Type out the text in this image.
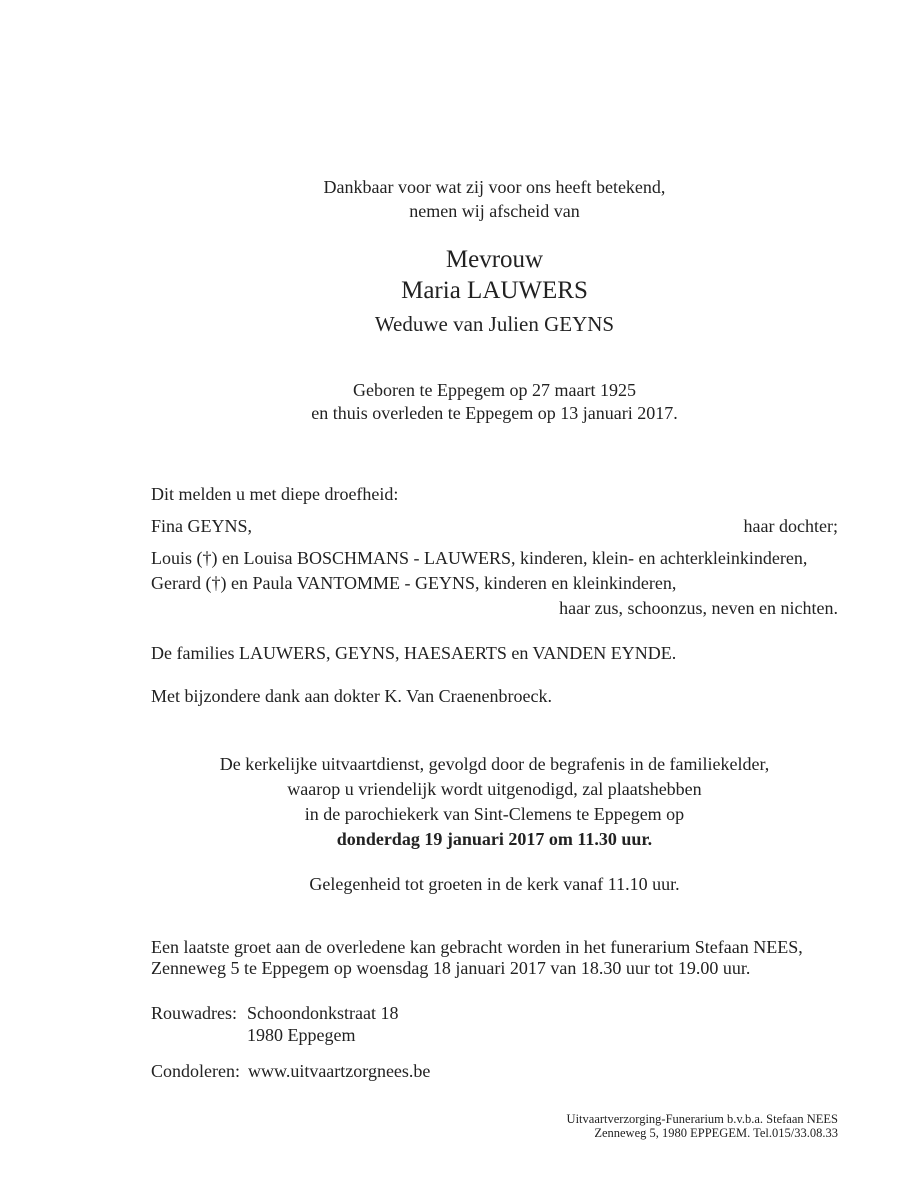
Dankbaar voor wat zij voor ons heeft betekend,
nemen wij afscheid van
Mevrouw
Maria LAUWERS
Weduwe van Julien GEYNS
Geboren te Eppegem op 27 maart 1925
en thuis overleden te Eppegem op 13 januari 2017.
Dit melden u met diepe droefheid:
Fina GEYNS,	haar dochter;
Louis (†) en Louisa BOSCHMANS - LAUWERS, kinderen, klein- en achterkleinkinderen,
Gerard (†) en Paula VANTOMME - GEYNS, kinderen en kleinkinderen,
haar zus, schoonzus, neven en nichten.
De families LAUWERS, GEYNS, HAESAERTS en VANDEN EYNDE.
Met bijzondere dank aan dokter K. Van Craenenbroeck.
De kerkelijke uitvaartdienst, gevolgd door de begrafenis in de familiekelder,
waarop u vriendelijk wordt uitgenodigd, zal plaatshebben
in de parochiekerk van Sint-Clemens te Eppegem op
donderdag 19 januari 2017 om 11.30 uur.
Gelegenheid tot groeten in de kerk vanaf 11.10 uur.
Een laatste groet aan de overledene kan gebracht worden in het funerarium Stefaan NEES,
Zenneweg 5 te Eppegem op woensdag 18 januari 2017 van 18.30 uur tot 19.00 uur.
Rouwadres: Schoondonkstraat 18
1980 Eppegem
Condoleren: www.uitvaartzorgnees.be
Uitvaartverzorging-Funerarium b.v.b.a. Stefaan NEES
Zenneweg 5, 1980 EPPEGEM. Tel.015/33.08.33
